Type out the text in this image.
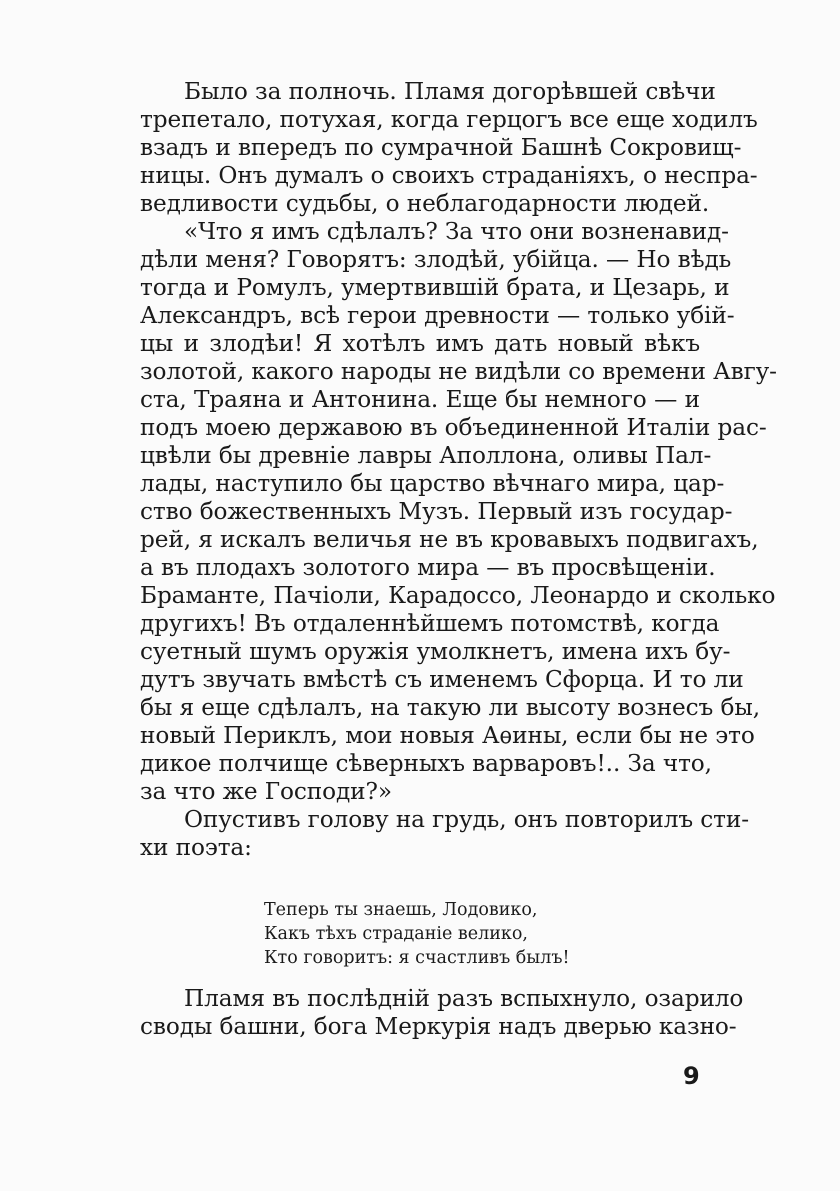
Было за полночь. Пламя догорѣвшей свѣчи
трепетало, потухая, когда герцогъ все еще ходилъ
взадъ и впередъ по сумрачной Башнѣ Сокровищ-
ницы. Онъ думалъ о своихъ страданіяхъ, о неспра-
ведливости судьбы, о неблагодарности людей.
«Что я имъ сдѣлалъ? За что они возненавид-
дѣли меня? Говорятъ: злодѣй, убійца. — Но вѣдь
тогда и Ромулъ, умертвившій брата, и Цезарь, и
Александръ, всѣ герои древности — только убій-
цы и злодѣи! Я хотѣлъ имъ дать новый вѣкъ
золотой, какого народы не видѣли со времени Авгу-
ста, Траяна и Антонина. Еще бы немного — и
подъ моею державою въ объединенной Италіи рас-
цвѣли бы древніе лавры Аполлона, оливы Пал-
лады, наступило бы царство вѣчнаго мира, цар-
ство божественныхъ Музъ. Первый изъ государ-
рей, я искалъ величья не въ кровавыхъ подвигахъ,
а въ плодахъ золотого мира — въ просвѣщеніи.
Браманте, Пачіоли, Карадоссо, Леонардо и сколько
другихъ! Въ отдаленнѣйшемъ потомствѣ, когда
суетный шумъ оружія умолкнетъ, имена ихъ бу-
дутъ звучать вмѣстѣ съ именемъ Сфорца. И то ли
бы я еще сдѣлалъ, на такую ли высоту вознесъ бы,
новый Периклъ, мои новыя Аѳины, если бы не это
дикое полчище сѣверныхъ варваровъ!.. За что,
за что же Господи?»
Опустивъ голову на грудь, онъ повторилъ сти-
хи поэта:
Теперь ты знаешь, Лодовико,
Какъ тѣхъ страданіе велико,
Кто говоритъ: я счастливъ былъ!
Пламя въ послѣдній разъ вспыхнуло, озарило
своды башни, бога Меркурія надъ дверью казно-
9
